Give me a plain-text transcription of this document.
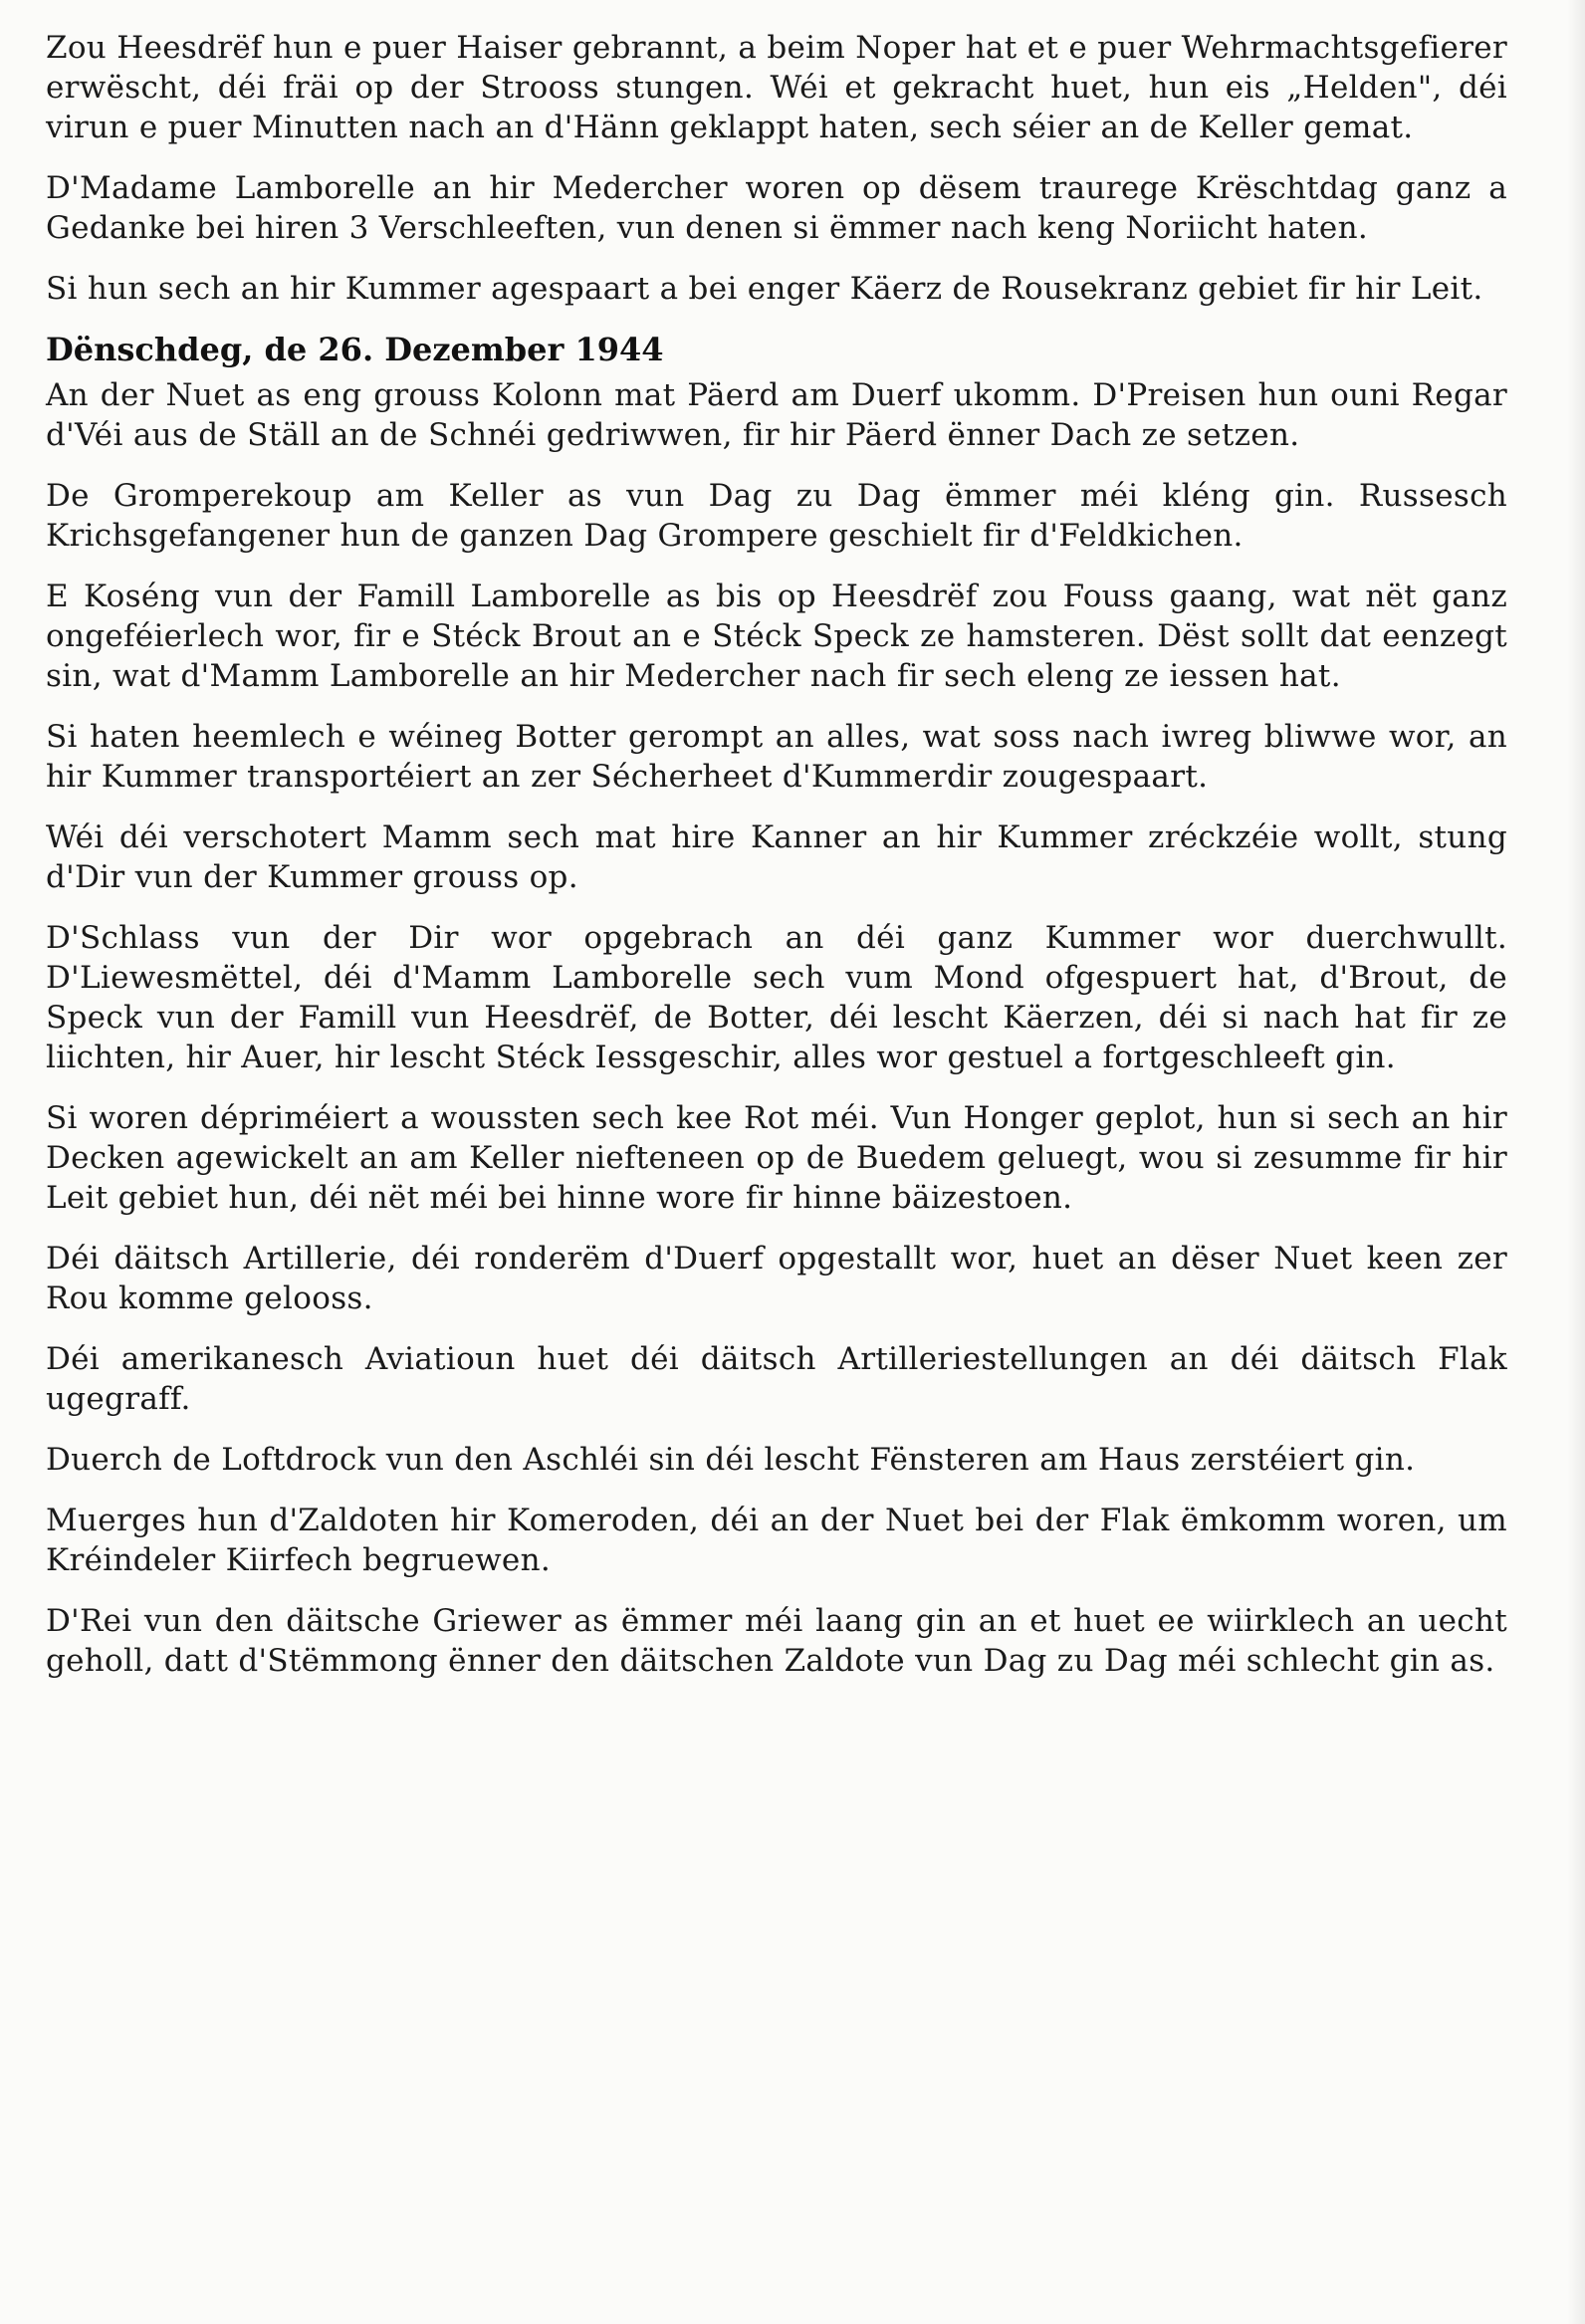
Zou Heesdrëf hun e puer Haiser gebrannt, a beim Noper hat et e puer Wehrmachtsgefierer erwëscht, déi fräi op der Strooss stungen. Wéi et gekracht huet, hun eis „Helden", déi virun e puer Minutten nach an d'Hänn geklappt haten, sech séier an de Keller gemat.

D'Madame Lamborelle an hir Medercher woren op dësem traurege Krëschtdag ganz a Gedanke bei hiren 3 Verschleeften, vun denen si ëmmer nach keng Noriicht haten.

Si hun sech an hir Kummer agespaart a bei enger Käerz de Rousekranz gebiet fir hir Leit.

Dënschdeg, de 26. Dezember 1944

An der Nuet as eng grouss Kolonn mat Päerd am Duerf ukomm. D'Preisen hun ouni Regar d'Véi aus de Ställ an de Schnéi gedriwwen, fir hir Päerd ënner Dach ze setzen.

De Gromperekoup am Keller as vun Dag zu Dag ëmmer méi kléng gin. Russesch Krichsgefangener hun de ganzen Dag Grompere geschielt fir d'Feldkichen.

E Koséng vun der Famill Lamborelle as bis op Heesdrëf zou Fouss gaang, wat nët ganz ongeféierlech wor, fir e Stéck Brout an e Stéck Speck ze hamsteren. Dëst sollt dat eenzegt sin, wat d'Mamm Lamborelle an hir Medercher nach fir sech eleng ze iessen hat.

Si haten heemlech e wéineg Botter gerompt an alles, wat soss nach iwreg bliwwe wor, an hir Kummer transportéiert an zer Sécherheet d'Kummerdir zougespaart.

Wéi déi verschotert Mamm sech mat hire Kanner an hir Kummer zréckzéie wollt, stung d'Dir vun der Kummer grouss op.

D'Schlass vun der Dir wor opgebrach an déi ganz Kummer wor duerchwullt. D'Liewesmëttel, déi d'Mamm Lamborelle sech vum Mond ofgespuert hat, d'Brout, de Speck vun der Famill vun Heesdrëf, de Botter, déi lescht Käerzen, déi si nach hat fir ze liichten, hir Auer, hir lescht Stéck Iessgeschir, alles wor gestuel a fortgeschleeft gin.

Si woren dépriméiert a woussten sech kee Rot méi. Vun Honger geplot, hun si sech an hir Decken agewickelt an am Keller niefteneen op de Buedem geluegt, wou si zesumme fir hir Leit gebiet hun, déi nët méi bei hinne wore fir hinne bäizestoen.

Déi däitsch Artillerie, déi ronderëm d'Duerf opgestallt wor, huet an dëser Nuet keen zer Rou komme gelooss.

Déi amerikanesch Aviatioun huet déi däitsch Artilleriestellungen an déi däitsch Flak ugegraff.

Duerch de Loftdrock vun den Aschléi sin déi lescht Fënsteren am Haus zerstéiert gin.

Muerges hun d'Zaldoten hir Komeroden, déi an der Nuet bei der Flak ëmkomm woren, um Kréindeler Kiirfech begruewen.

D'Rei vun den däitsche Griewer as ëmmer méi laang gin an et huet ee wiirklech an uecht geholl, datt d'Stëmmong ënner den däitschen Zaldote vun Dag zu Dag méi schlecht gin as.
